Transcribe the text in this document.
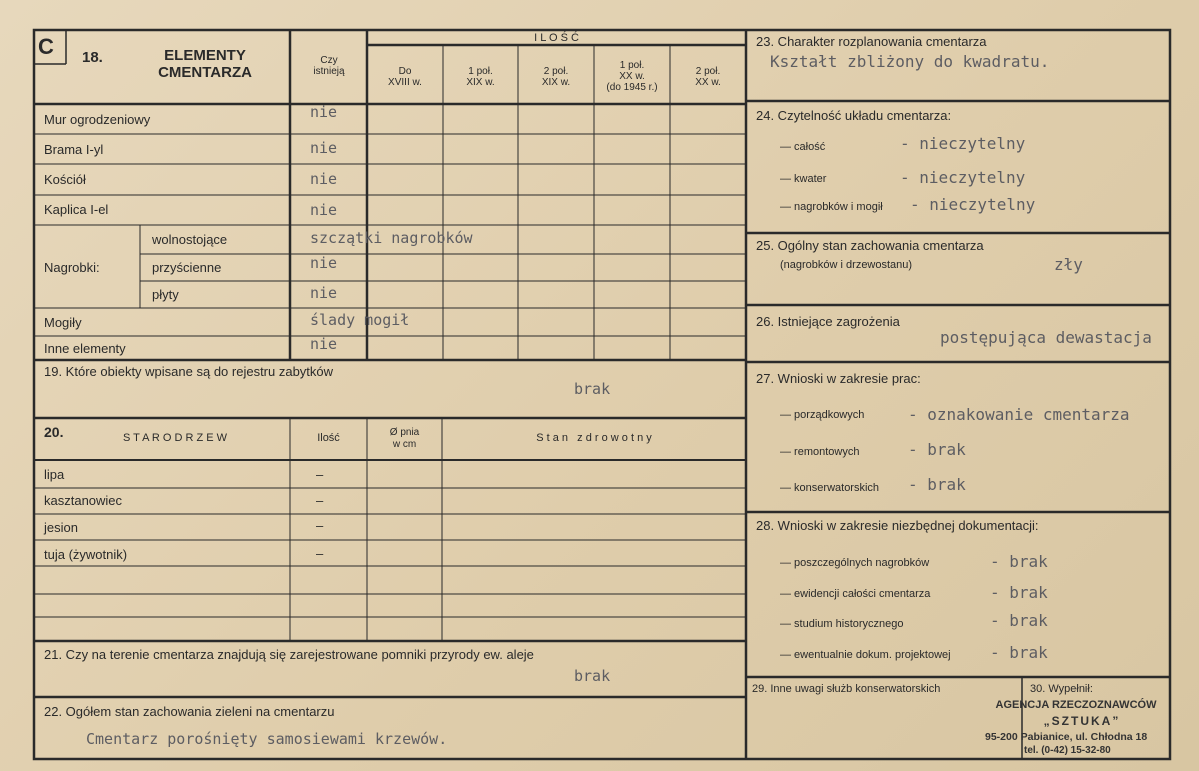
C 18.	ELEMENTY
CMENTARZA
Czy
istnieją
I L O Ś Ć
Do
XVIII w.
1 poł.
XIX w.
2 poł.
XIX w.
1 poł.
XX w.
(do 1945 r.)
2 poł.
XX w.
Mur ogrodzeniowy	nie
Brama I-yl	nie
Kościół	nie
Kaplica I-el	nie
Nagrobki:
wolnostojące	szczątki nagrobków
przyścienne	nie
płyty	nie
Mogiły	ślady mogił
Inne elementy	nie
19. Które obiekty wpisane są do rejestru zabytków
brak
20.	S T A R O D R Z E W	Ilość	Ø pnia
w cm
S t a n   z d r o w o t n y
lipa	–
kasztanowiec	–
jesion	–
tuja (żywotnik)	–
21. Czy na terenie cmentarza znajdują się zarejestrowane pomniki przyrody ew. aleje
brak
22. Ogółem stan zachowania zieleni na cmentarzu
Cmentarz porośnięty samosiewami krzewów.
23. Charakter rozplanowania cmentarza
Kształt zbliżony do kwadratu.
24. Czytelność układu cmentarza:
— całość	- nieczytelny
— kwater	- nieczytelny
— nagrobków i mogił - nieczytelny
25. Ogólny stan zachowania cmentarza
(nagrobków i drzewostanu)	zły
26. Istniejące zagrożenia
postępująca dewastacja
27. Wnioski w zakresie prac:
— porządkowych	- oznakowanie cmentarza
— remontowych	- brak
— konserwatorskich - brak
28. Wnioski w zakresie niezbędnej dokumentacji:
— poszczególnych nagrobków	- brak
— ewidencji całości cmentarza	- brak
— studium historycznego	- brak
— ewentualnie dokum. projektowej - brak
29. Inne uwagi służb konserwatorskich	30. Wypełnił:
AGENCJA RZECZOZNAWCÓW
„SZTUKA”
95-200 Pabianice, ul. Chłodna 18
tel. (0-42) 15-32-80
